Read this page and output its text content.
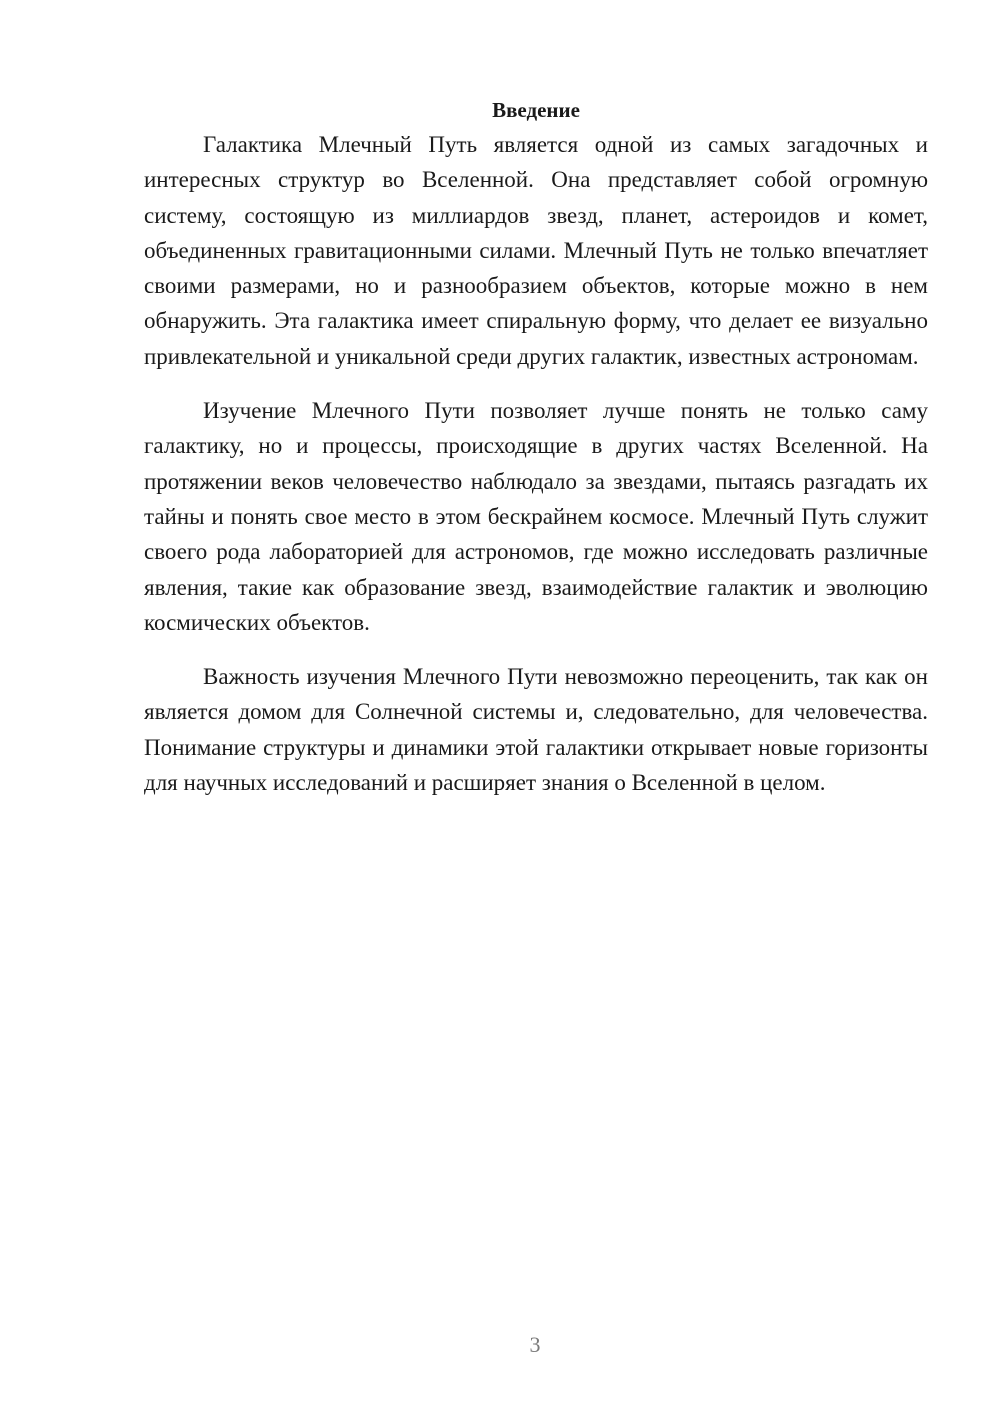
Введение

Галактика Млечный Путь является одной из самых загадочных и интересных структур во Вселенной. Она представляет собой огромную систему, состоящую из миллиардов звезд, планет, астероидов и комет, объединенных гравитационными силами. Млечный Путь не только впечатляет своими размерами, но и разнообразием объектов, которые можно в нем обнаружить. Эта галактика имеет спиральную форму, что делает ее визуально привлекательной и уникальной среди других галактик, известных астрономам.

Изучение Млечного Пути позволяет лучше понять не только саму галактику, но и процессы, происходящие в других частях Вселенной. На протяжении веков человечество наблюдало за звездами, пытаясь разгадать их тайны и понять свое место в этом бескрайнем космосе. Млечный Путь служит своего рода лабораторией для астрономов, где можно исследовать различные явления, такие как образование звезд, взаимодействие галактик и эволюцию космических объектов.

Важность изучения Млечного Пути невозможно переоценить, так как он является домом для Солнечной системы и, следовательно, для человечества. Понимание структуры и динамики этой галактики открывает новые горизонты для научных исследований и расширяет знания о Вселенной в целом.

3
